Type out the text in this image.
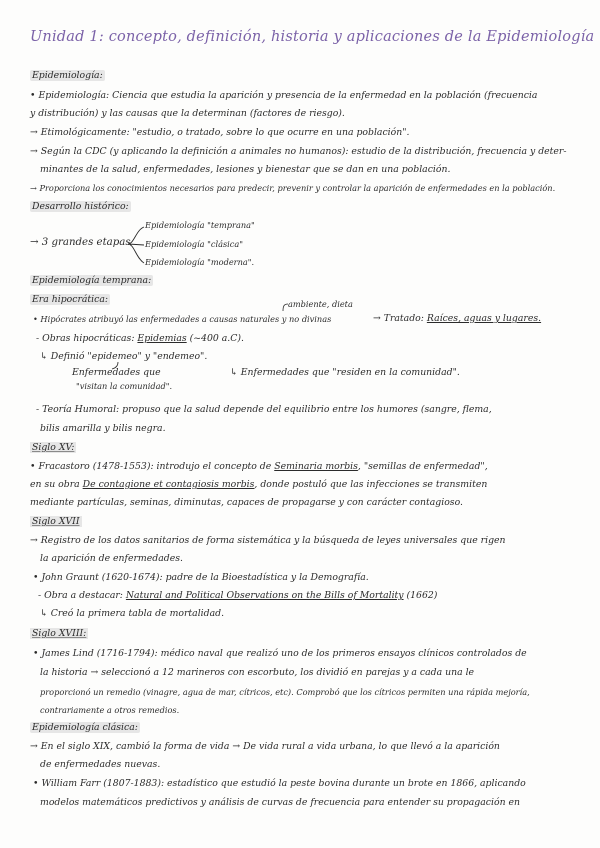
Unidad 1: concepto, definición, historia y aplicaciones de la Epidemiología
Epidemiología:
• Epidemiología: Ciencia que estudia la aparición y presencia de la enfermedad en la población (frecuencia
y distribución) y las causas que la determinan (factores de riesgo).
→ Etimológicamente: "estudio, o tratado, sobre lo que ocurre en una población".
→ Según la CDC (y aplicando la definición a animales no humanos): estudio de la distribución, frecuencia y deter-
minantes de la salud, enfermedades, lesiones y bienestar que se dan en una población.
→ Proporciona los conocimientos necesarios para predecir, prevenir y controlar la aparición de enfermedades en la población.
Desarrollo histórico:
→ 3 grandes etapas
Epidemiología "temprana"
Epidemiología "clásica"
Epidemiología "moderna".
Epidemiología temprana:
Era hipocrática:	ambiente, dieta
• Hipócrates atribuyó las enfermedades a causas naturales y no divinas	→ Tratado: Raíces, aguas y lugares.
- Obras hipocráticas: Epidemias (~400 a.C).
↳ Definió "epidemeo" y "endemeo".
Enfermedades que
"visitan la comunidad".
↳ Enfermedades que "residen en la comunidad".
- Teoría Humoral: propuso que la salud depende del equilibrio entre los humores (sangre, flema,
bilis amarilla y bilis negra.
Siglo XV:
• Fracastoro (1478-1553): introdujo el concepto de Seminaria morbis, "semillas de enfermedad",
en su obra De contagione et contagiosis morbis, donde postuló que las infecciones se transmiten
mediante partículas, seminas, diminutas, capaces de propagarse y con carácter contagioso.
Siglo XVII
→ Registro de los datos sanitarios de forma sistemática y la búsqueda de leyes universales que rigen
la aparición de enfermedades.
• John Graunt (1620-1674): padre de la Bioestadística y la Demografía.
- Obra a destacar: Natural and Political Observations on the Bills of Mortality (1662)
↳ Creó la primera tabla de mortalidad.
Siglo XVIII:
• James Lind (1716-1794): médico naval que realizó uno de los primeros ensayos clínicos controlados de
la historia → seleccionó a 12 marineros con escorbuto, los dividió en parejas y a cada una le
proporcionó un remedio (vinagre, agua de mar, cítricos, etc). Comprobó que los cítricos permiten una rápida mejoría,
contrariamente a otros remedios.
Epidemiología clásica:
→ En el siglo XIX, cambió la forma de vida → De vida rural a vida urbana, lo que llevó a la aparición
de enfermedades nuevas.
• William Farr (1807-1883): estadístico que estudió la peste bovina durante un brote en 1866, aplicando
modelos matemáticos predictivos y análisis de curvas de frecuencia para entender su propagación en
